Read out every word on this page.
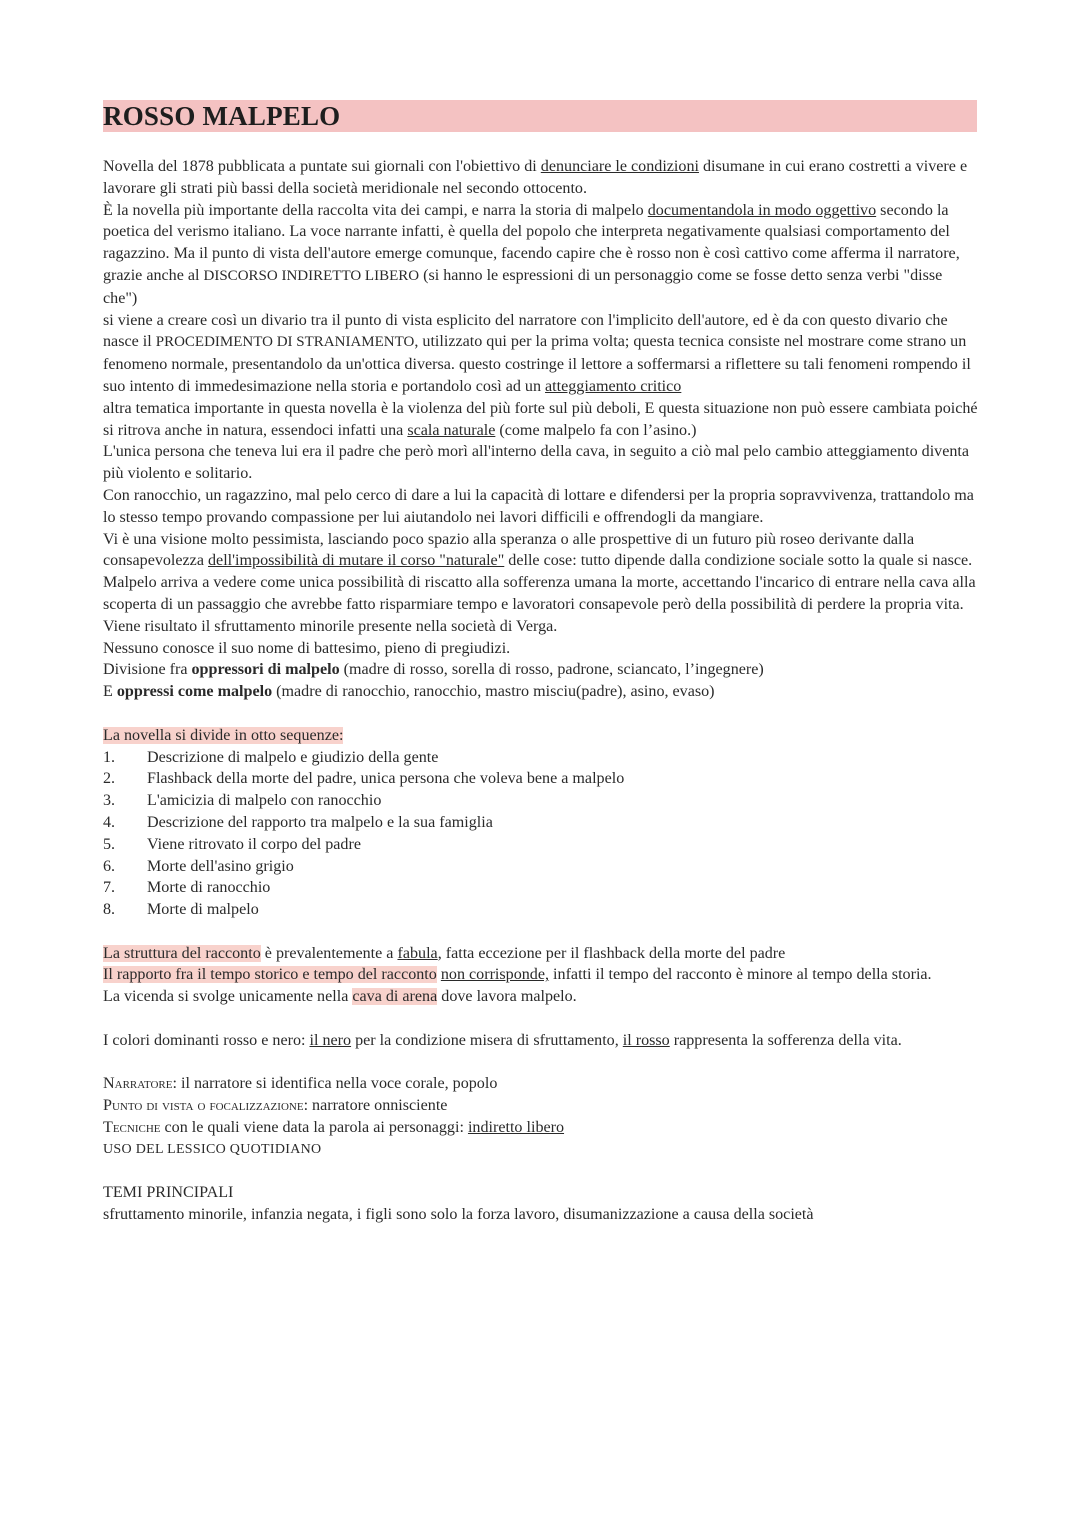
ROSSO MALPELO

Novella del 1878 pubblicata a puntate sui giornali con l'obiettivo di denunciare le condizioni disumane in cui erano costretti a vivere e lavorare gli strati più bassi della società meridionale nel secondo ottocento.

È la novella più importante della raccolta vita dei campi, e narra la storia di malpelo documentandola in modo oggettivo secondo la poetica del verismo italiano. La voce narrante infatti, è quella del popolo che interpreta negativamente qualsiasi comportamento del ragazzino. Ma il punto di vista dell'autore emerge comunque, facendo capire che è rosso non è così cattivo come afferma il narratore, grazie anche al DISCORSO INDIRETTO LIBERO (si hanno le espressioni di un personaggio come se fosse detto senza verbi "disse che")

si viene a creare così un divario tra il punto di vista esplicito del narratore con l'implicito dell'autore, ed è da con questo divario che nasce il PROCEDIMENTO DI STRANIAMENTO, utilizzato qui per la prima volta; questa tecnica consiste nel mostrare come strano un fenomeno normale, presentandolo da un'ottica diversa. questo costringe il lettore a soffermarsi a riflettere su tali fenomeni rompendo il suo intento di immedesimazione nella storia e portandolo così ad un atteggiamento critico

altra tematica importante in questa novella è la violenza del più forte sul più deboli, E questa situazione non può essere cambiata poiché si ritrova anche in natura, essendoci infatti una scala naturale (come malpelo fa con l’asino.)

L'unica persona che teneva lui era il padre che però morì all'interno della cava, in seguito a ciò mal pelo cambio atteggiamento diventa più violento e solitario.

Con ranocchio, un ragazzino, mal pelo cerco di dare a lui la capacità di lottare e difendersi per la propria sopravvivenza, trattandolo ma lo stesso tempo provando compassione per lui aiutandolo nei lavori difficili e offrendogli da mangiare.

Vi è una visione molto pessimista, lasciando poco spazio alla speranza o alle prospettive di un futuro più roseo derivante dalla consapevolezza dell'impossibilità di mutare il corso "naturale" delle cose: tutto dipende dalla condizione sociale sotto la quale si nasce.

Malpelo arriva a vedere come unica possibilità di riscatto alla sofferenza umana la morte, accettando l'incarico di entrare nella cava alla scoperta di un passaggio che avrebbe fatto risparmiare tempo e lavoratori consapevole però della possibilità di perdere la propria vita.

Viene risultato il sfruttamento minorile presente nella società di Verga.

Nessuno conosce il suo nome di battesimo, pieno di pregiudizi.

Divisione fra oppressori di malpelo (madre di rosso, sorella di rosso, padrone, sciancato, l’ingegnere)

E oppressi come malpelo (madre di ranocchio, ranocchio, mastro misciu(padre), asino, evaso)

La novella si divide in otto sequenze:

1.	Descrizione di malpelo e giudizio della gente
2.	Flashback della morte del padre, unica persona che voleva bene a malpelo
3.	L'amicizia di malpelo con ranocchio
4.	Descrizione del rapporto tra malpelo e la sua famiglia
5.	Viene ritrovato il corpo del padre
6.	Morte dell'asino grigio
7.	Morte di ranocchio
8.	Morte di malpelo

La struttura del racconto è prevalentemente a fabula, fatta eccezione per il flashback della morte del padre

Il rapporto fra il tempo storico e tempo del racconto non corrisponde, infatti il tempo del racconto è minore al tempo della storia.

La vicenda si svolge unicamente nella cava di arena dove lavora malpelo.

I colori dominanti rosso e nero: il nero per la condizione misera di sfruttamento, il rosso rappresenta la sofferenza della vita.

Narratore: il narratore si identifica nella voce corale, popolo

Punto di vista o focalizzazione: narratore onnisciente

Tecniche con le quali viene data la parola ai personaggi: indiretto libero

USO DEL LESSICO QUOTIDIANO

TEMI PRINCIPALI

sfruttamento minorile, infanzia negata, i figli sono solo la forza lavoro, disumanizzazione a causa della società
